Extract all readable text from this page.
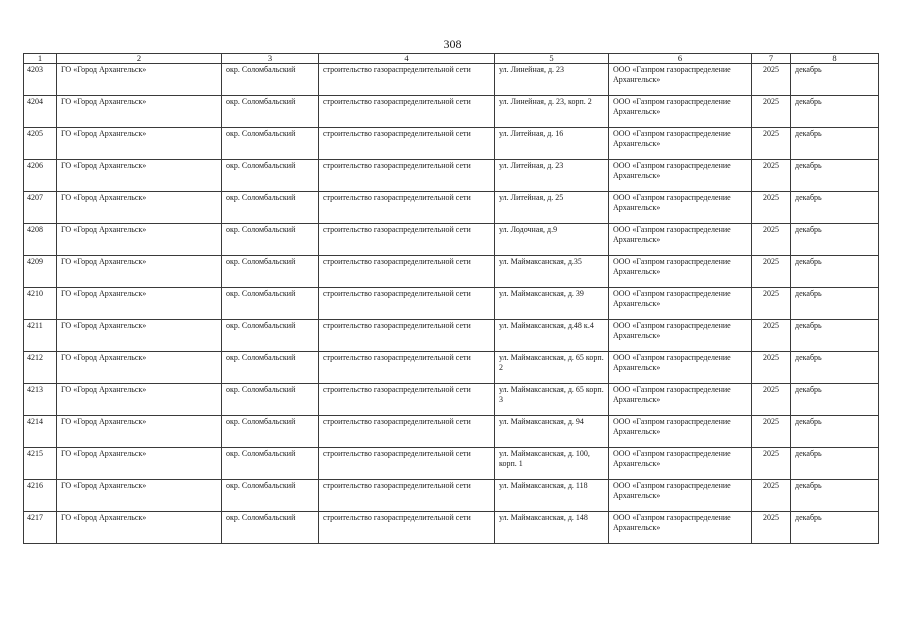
308
1	2	3	4	5	6	7	8
4203	ГО «Город Архангельск»	окр. Соломбальский	строительство газораспределительной сети	ул. Линейная, д. 23	ООО «Газпром газораспределение Архангельск»	2025	декабрь
4204	ГО «Город Архангельск»	окр. Соломбальский	строительство газораспределительной сети	ул. Линейная, д. 23, корп. 2	ООО «Газпром газораспределение Архангельск»	2025	декабрь
4205	ГО «Город Архангельск»	окр. Соломбальский	строительство газораспределительной сети	ул. Литейная, д. 16	ООО «Газпром газораспределение Архангельск»	2025	декабрь
4206	ГО «Город Архангельск»	окр. Соломбальский	строительство газораспределительной сети	ул. Литейная, д. 23	ООО «Газпром газораспределение Архангельск»	2025	декабрь
4207	ГО «Город Архангельск»	окр. Соломбальский	строительство газораспределительной сети	ул. Литейная, д. 25	ООО «Газпром газораспределение Архангельск»	2025	декабрь
4208	ГО «Город Архангельск»	окр. Соломбальский	строительство газораспределительной сети	ул. Лодочная, д.9	ООО «Газпром газораспределение Архангельск»	2025	декабрь
4209	ГО «Город Архангельск»	окр. Соломбальский	строительство газораспределительной сети	ул. Маймаксанская, д.35	ООО «Газпром газораспределение Архангельск»	2025	декабрь
4210	ГО «Город Архангельск»	окр. Соломбальский	строительство газораспределительной сети	ул. Маймаксанская, д. 39	ООО «Газпром газораспределение Архангельск»	2025	декабрь
4211	ГО «Город Архангельск»	окр. Соломбальский	строительство газораспределительной сети	ул. Маймаксанская, д.48 к.4	ООО «Газпром газораспределение Архангельск»	2025	декабрь
4212	ГО «Город Архангельск»	окр. Соломбальский	строительство газораспределительной сети	ул. Маймаксанская, д. 65 корп. 2	ООО «Газпром газораспределение Архангельск»	2025	декабрь
4213	ГО «Город Архангельск»	окр. Соломбальский	строительство газораспределительной сети	ул. Маймаксанская, д. 65 корп. 3	ООО «Газпром газораспределение Архангельск»	2025	декабрь
4214	ГО «Город Архангельск»	окр. Соломбальский	строительство газораспределительной сети	ул. Маймаксанская, д. 94	ООО «Газпром газораспределение Архангельск»	2025	декабрь
4215	ГО «Город Архангельск»	окр. Соломбальский	строительство газораспределительной сети	ул. Маймаксанская, д. 100, корп. 1	ООО «Газпром газораспределение Архангельск»	2025	декабрь
4216	ГО «Город Архангельск»	окр. Соломбальский	строительство газораспределительной сети	ул. Маймаксанская, д. 118	ООО «Газпром газораспределение Архангельск»	2025	декабрь
4217	ГО «Город Архангельск»	окр. Соломбальский	строительство газораспределительной сети	ул. Маймаксанская, д. 148	ООО «Газпром газораспределение Архангельск»	2025	декабрь
